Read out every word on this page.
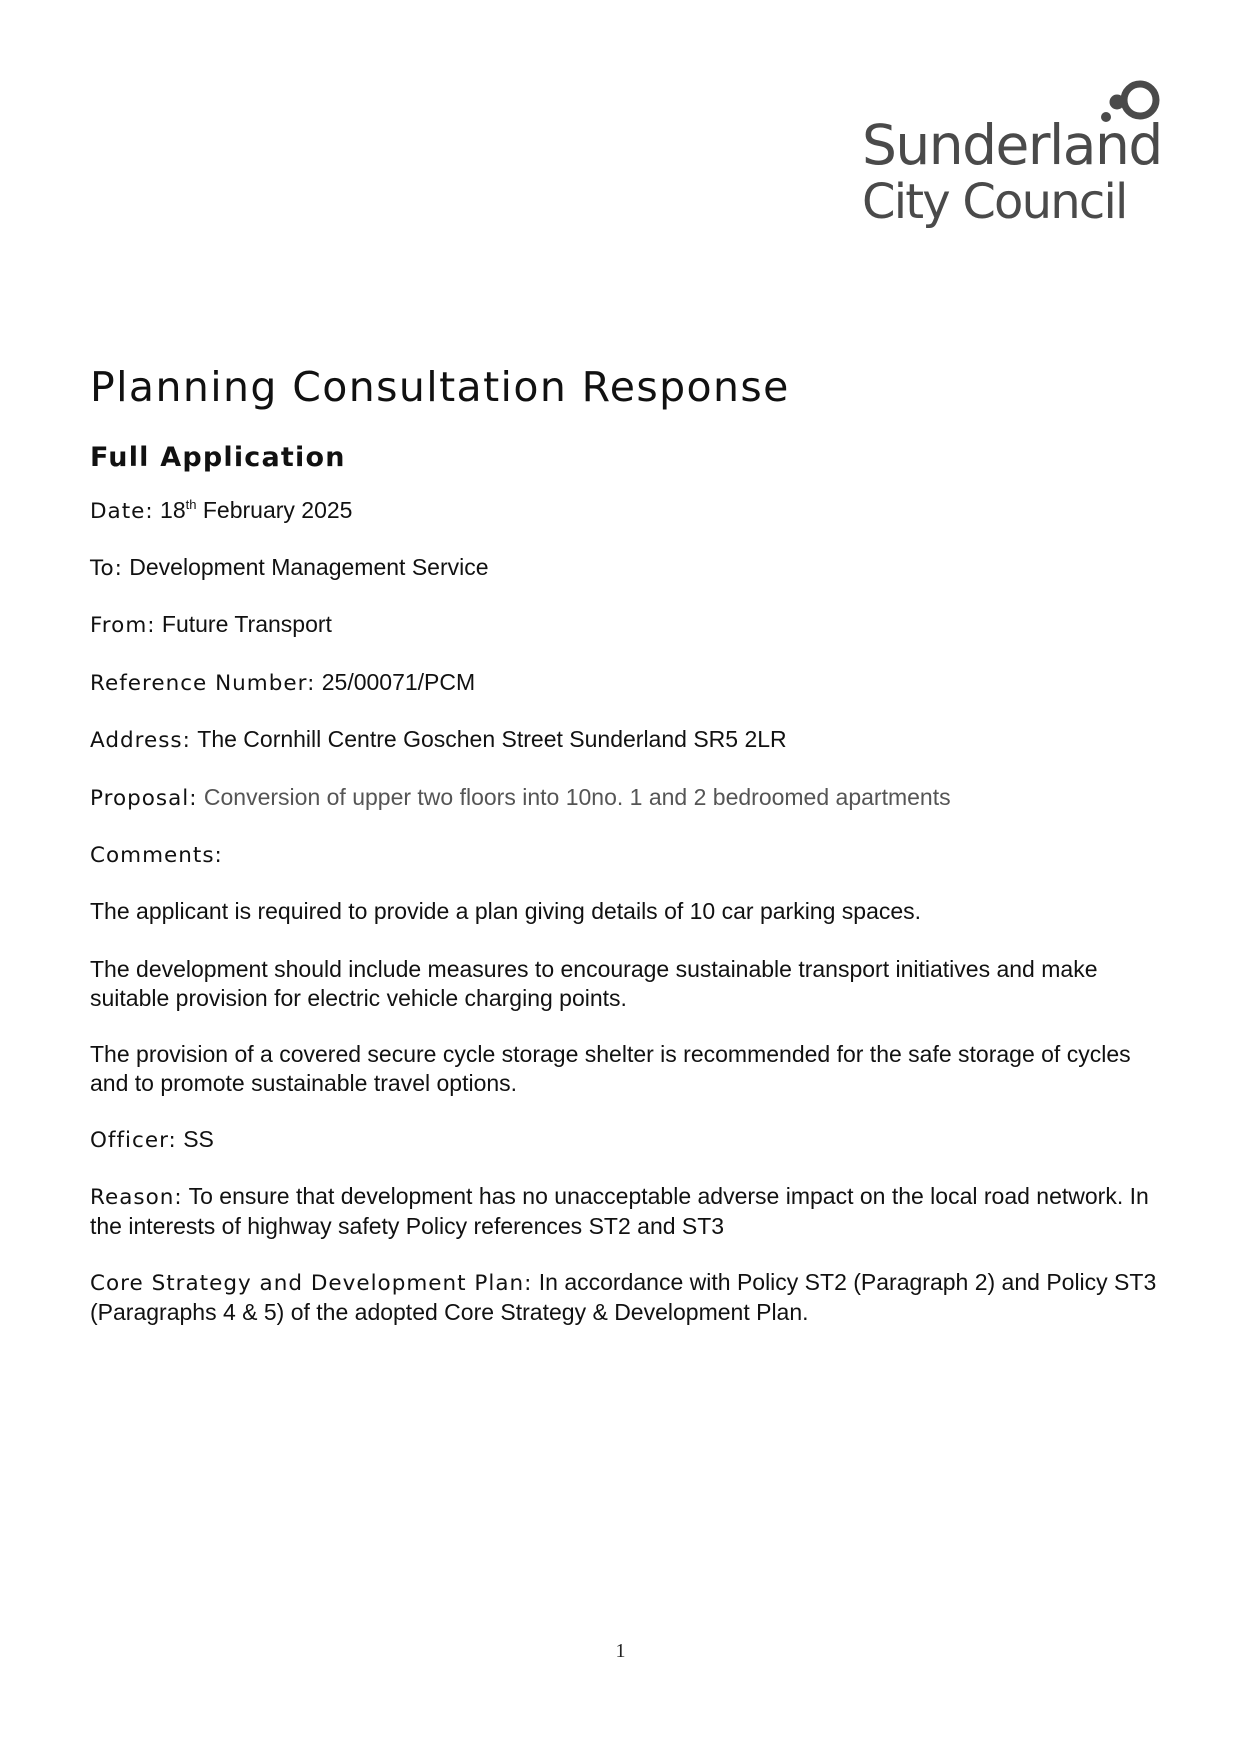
Sunderland
City Council
Planning Consultation Response
Full Application
Date: 18th February 2025
To: Development Management Service
From: Future Transport
Reference Number: 25/00071/PCM
Address: The Cornhill Centre Goschen Street Sunderland SR5 2LR
Proposal: Conversion of upper two floors into 10no. 1 and 2 bedroomed apartments
Comments:

The applicant is required to provide a plan giving details of 10 car parking spaces.

The development should include measures to encourage sustainable transport initiatives and make suitable provision for electric vehicle charging points.

The provision of a covered secure cycle storage shelter is recommended for the safe storage of cycles and to promote sustainable travel options.

Officer: SS

Reason: To ensure that development has no unacceptable adverse impact on the local road network. In the interests of highway safety Policy references ST2 and ST3

Core Strategy and Development Plan: In accordance with Policy ST2 (Paragraph 2) and Policy ST3 (Paragraphs 4 & 5) of the adopted Core Strategy & Development Plan.

1
